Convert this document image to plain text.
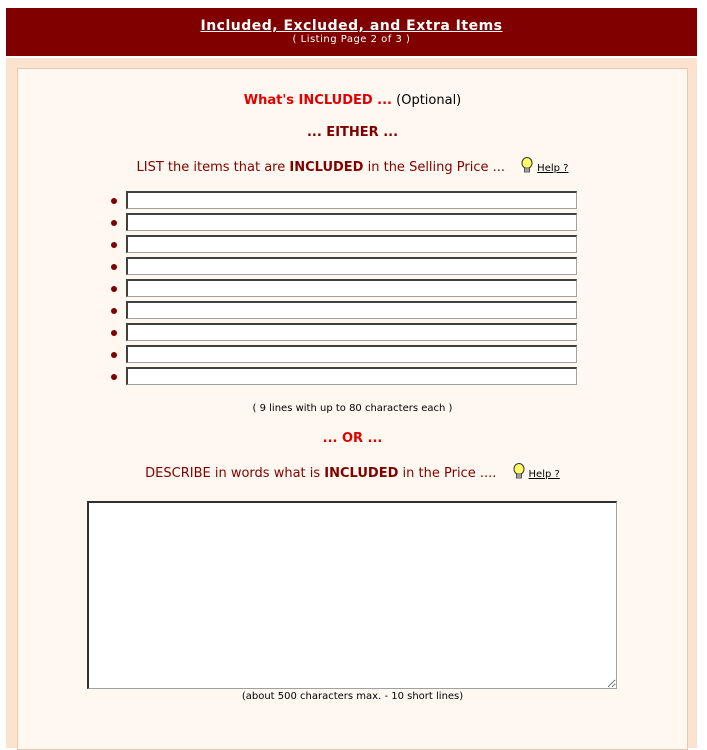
Included, Excluded, and Extra Items
( Listing Page 2 of 3 )
What's INCLUDED ... (Optional)
... EITHER ...
LIST the items that are INCLUDED in the Selling Price ...	Help ?
( 9 lines with up to 80 characters each )
... OR ...
DESCRIBE in words what is INCLUDED in the Price ....	Help ?
(about 500 characters max. - 10 short lines)
